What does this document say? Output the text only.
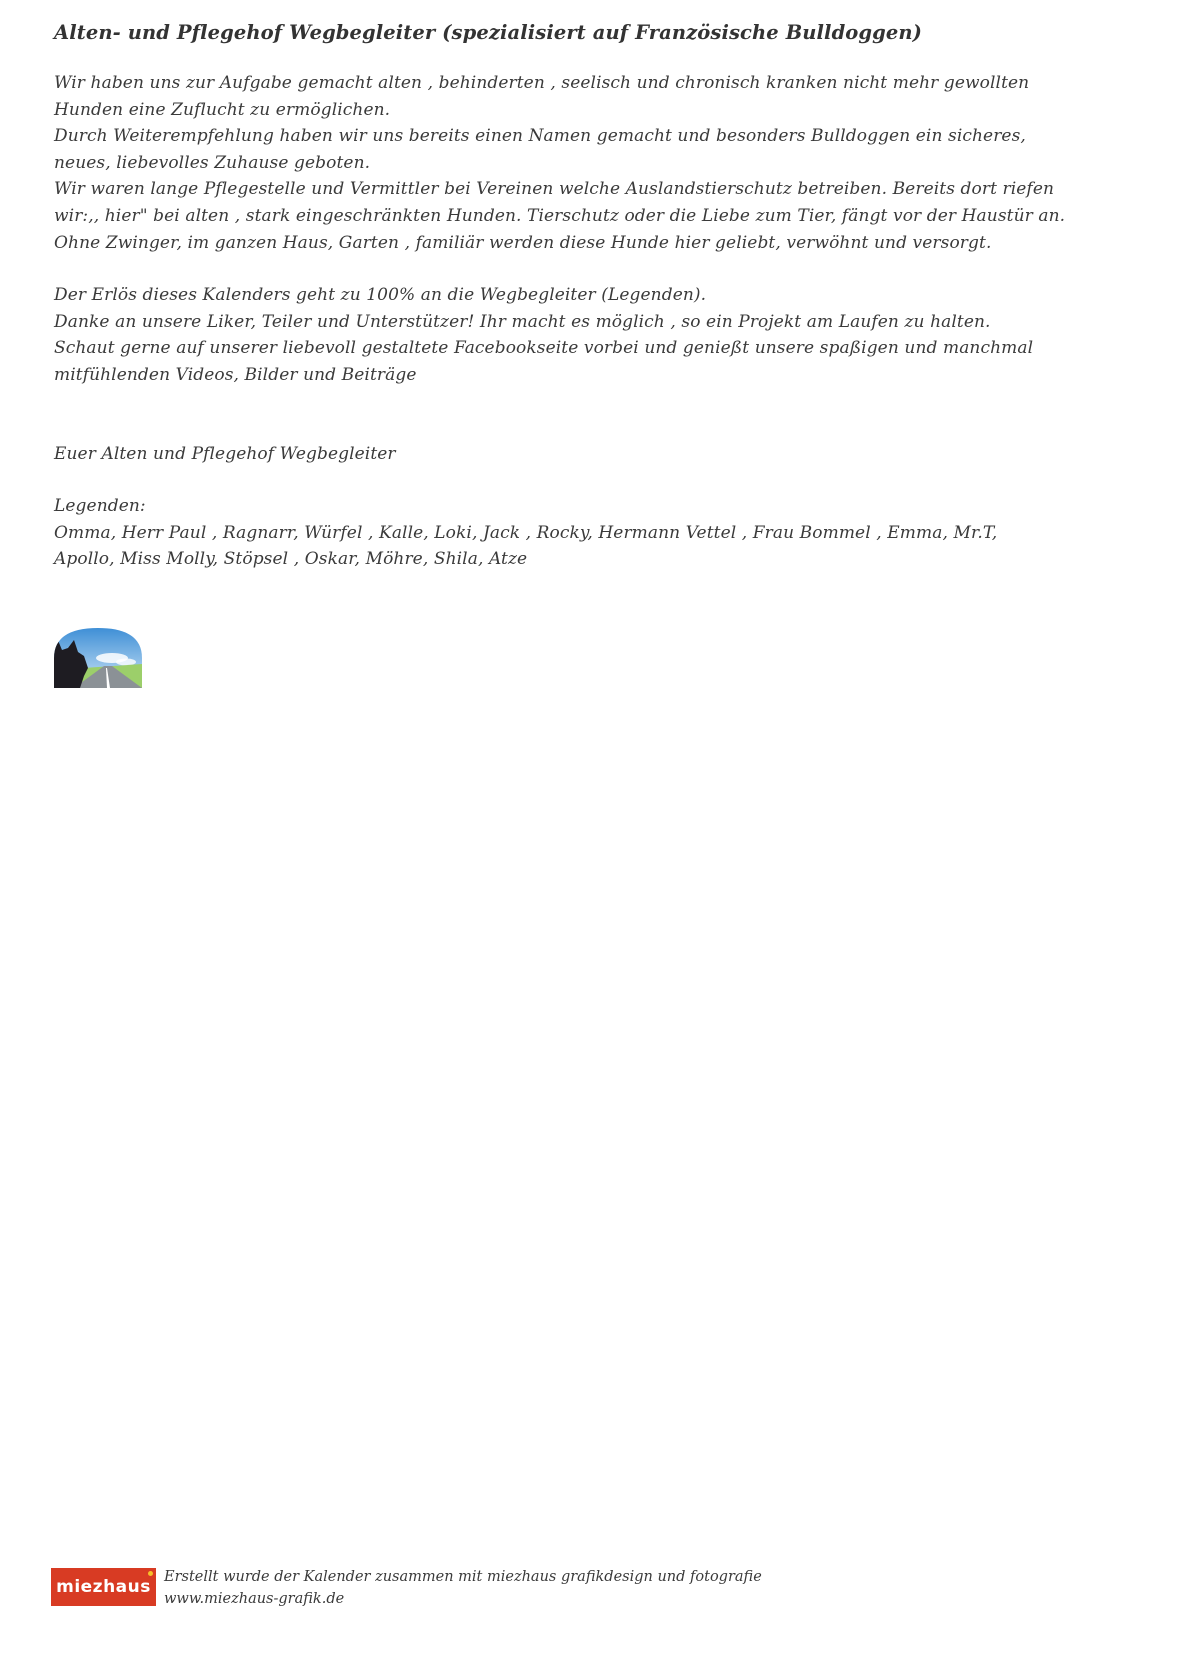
Alten- und Pflegehof Wegbegleiter (spezialisiert auf Französische Bulldoggen)

Wir haben uns zur Aufgabe gemacht alten , behinderten , seelisch und chronisch kranken nicht mehr gewollten

Hunden eine Zuflucht zu ermöglichen.

Durch Weiterempfehlung haben wir uns bereits einen Namen gemacht und besonders Bulldoggen ein sicheres,

neues, liebevolles Zuhause geboten.

Wir waren lange Pflegestelle und Vermittler bei Vereinen welche Auslandstierschutz betreiben. Bereits dort riefen

wir:,, hier" bei alten , stark eingeschränkten Hunden. Tierschutz oder die Liebe zum Tier, fängt vor der Haustür an.

Ohne Zwinger, im ganzen Haus, Garten , familiär werden diese Hunde hier geliebt, verwöhnt und versorgt.

Der Erlös dieses Kalenders geht zu 100% an die Wegbegleiter (Legenden).

Danke an unsere Liker, Teiler und Unterstützer! Ihr macht es möglich , so ein Projekt am Laufen zu halten.

Schaut gerne auf unserer liebevoll gestaltete Facebookseite vorbei und genießt unsere spaßigen und manchmal

mitfühlenden Videos, Bilder und Beiträge

Euer Alten und Pflegehof Wegbegleiter

Legenden:

Omma, Herr Paul , Ragnarr, Würfel , Kalle, Loki, Jack , Rocky, Hermann Vettel , Frau Bommel , Emma, Mr.T,

Apollo, Miss Molly, Stöpsel , Oskar, Möhre, Shila, Atze

miezhaus Erstellt wurde der Kalender zusammen mit miezhaus grafikdesign und fotografie
www.miezhaus-grafik.de
